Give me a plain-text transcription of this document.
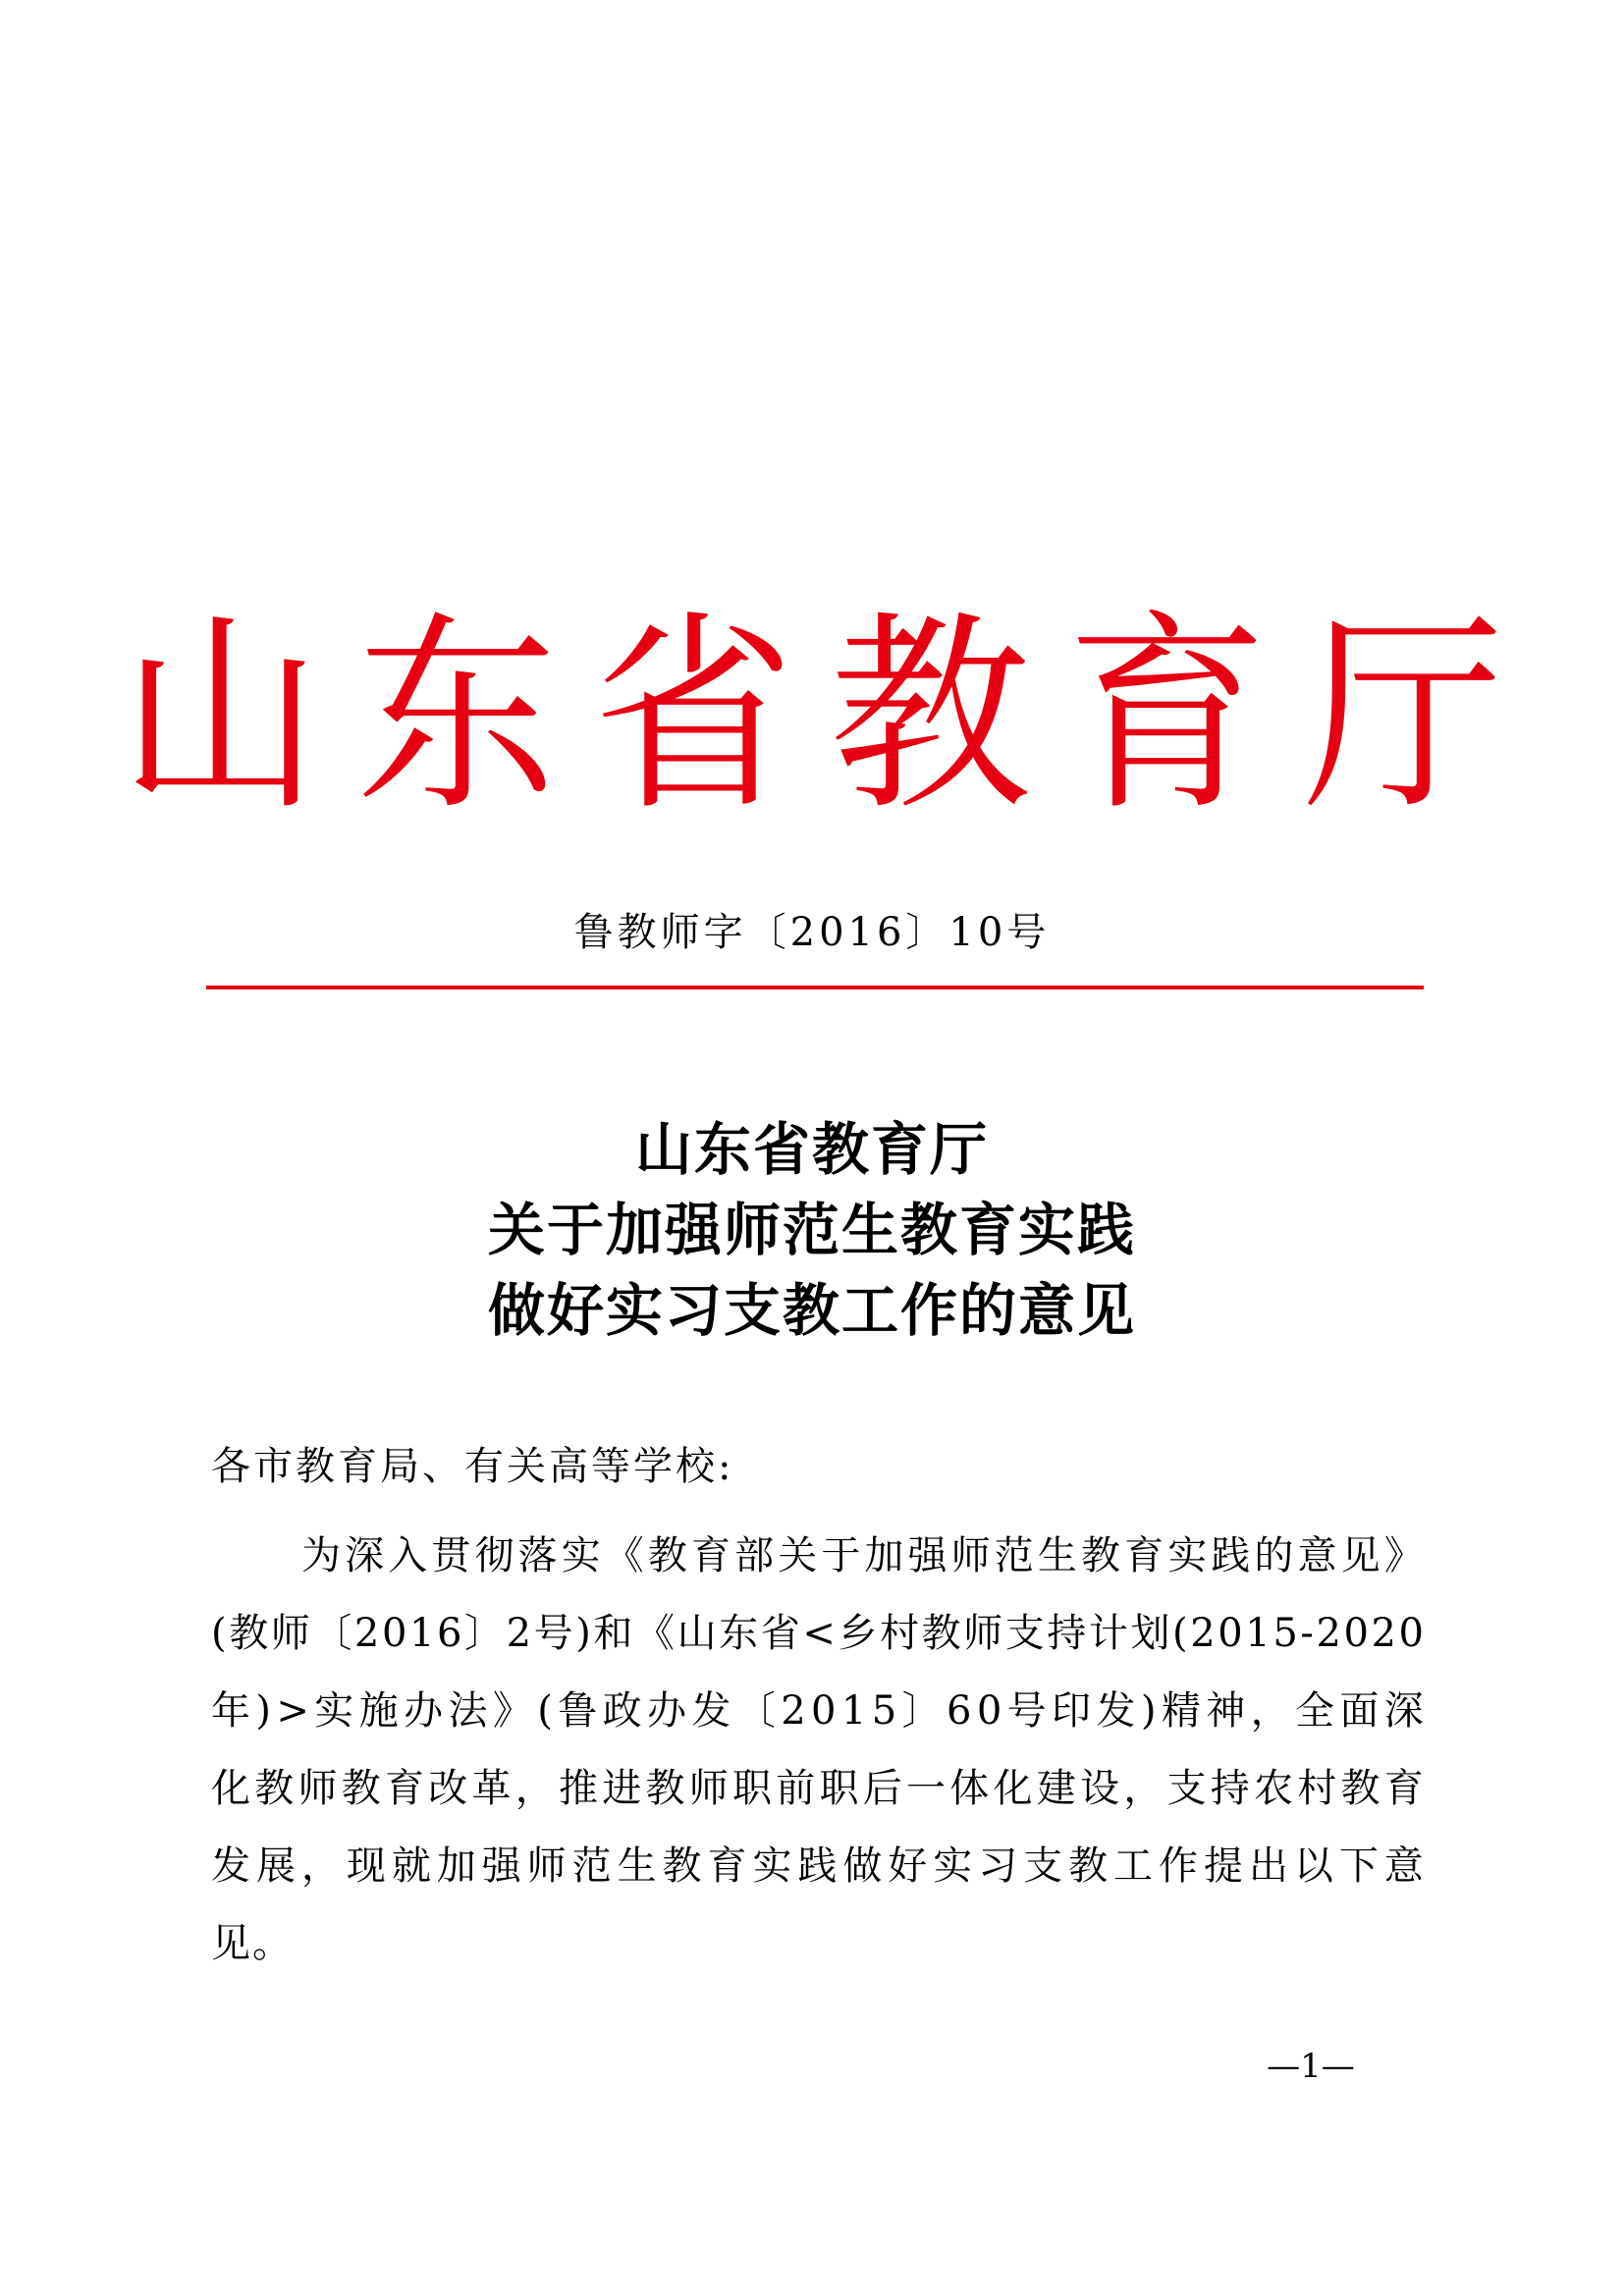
山东省教育厅
鲁教师字〔2016〕10号
山东省教育厅
关于加强师范生教育实践
做好实习支教工作的意见
各市教育局、有关高等学校:
为 深 入 贯 彻 落 实 《 教 育 部 关 于 加 强 师 范 生 教 育 实 践 的 意 见 》
( 教 师 〔 2 0 1 6 〕 2 号 ) 和 《 山 东 省 < 乡 村 教 师 支 持 计 划 ( 2 0 1 5 - 2 0 2 0
年 ) > 实 施 办 法 》 ( 鲁 政 办 发 〔 2 0 1 5 〕 6 0 号 印 发 ) 精 神 ， 全 面 深
化 教 师 教 育 改 革 ， 推 进 教 师 职 前 职 后 一 体 化 建 设 ， 支 持 农 村 教 育
发 展 ， 现 就 加 强 师 范 生 教 育 实 践 做 好 实 习 支 教 工 作 提 出 以 下 意
见。
—1—
